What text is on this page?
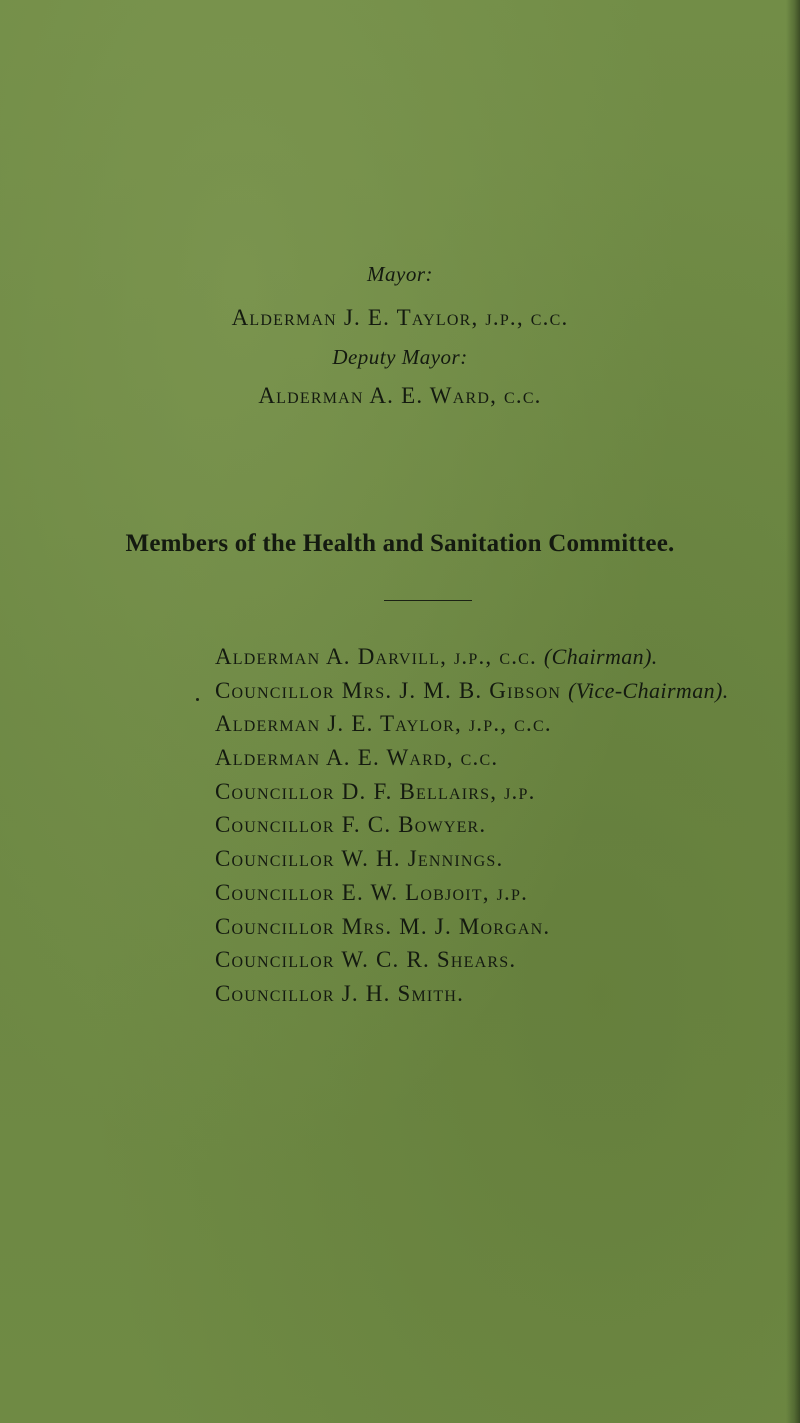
Mayor:
Alderman J. E. Taylor, j.p., c.c.
Deputy Mayor:
Alderman A. E. Ward, c.c.
Members of the Health and Sanitation Committee.
Alderman A. Darvill, j.p., c.c. (Chairman).
Councillor Mrs. J. M. B. Gibson (Vice-Chairman).
Alderman J. E. Taylor, j.p., c.c.
Alderman A. E. Ward, c.c.
Councillor D. F. Bellairs, j.p.
Councillor F. C. Bowyer.
Councillor W. H. Jennings.
Councillor E. W. Lobjoit, j.p.
Councillor Mrs. M. J. Morgan.
Councillor W. C. R. Shears.
Councillor J. H. Smith.
